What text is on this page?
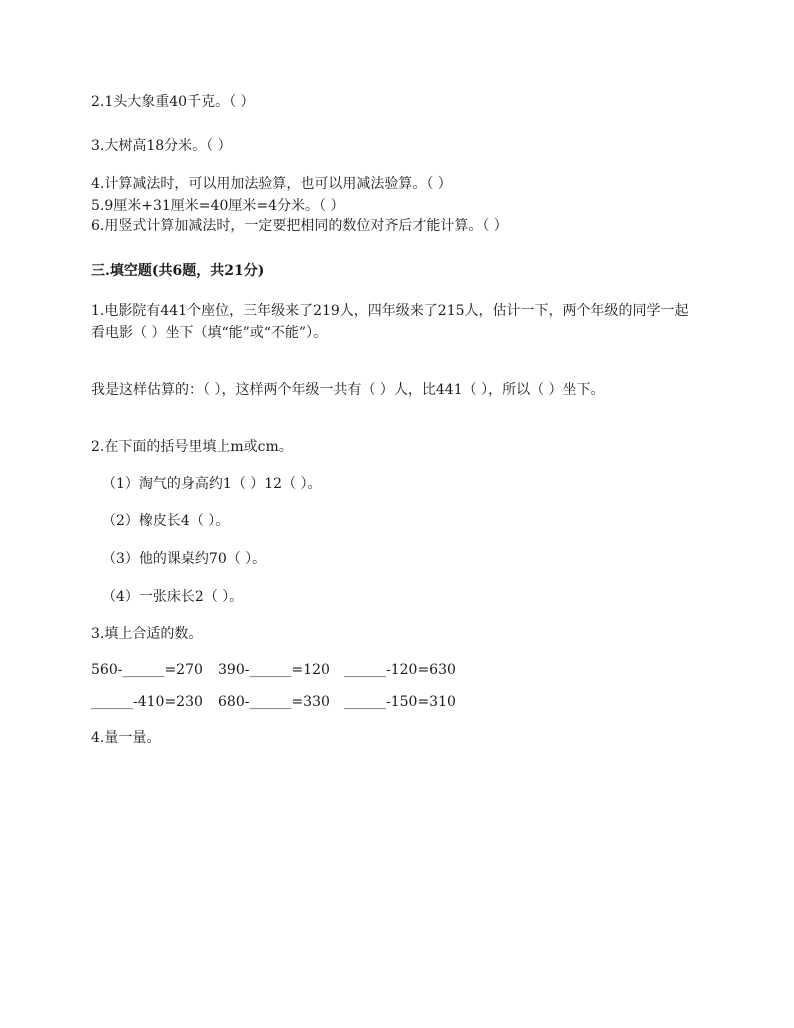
2.1头大象重40千克。（ ）
3.大树高18分米。（ ）
4.计算减法时，可以用加法验算，也可以用减法验算。（ ）
5.9厘米+31厘米=40厘米=4分米。（ ）
6.用竖式计算加减法时，一定要把相同的数位对齐后才能计算。（ ）
三.填空题(共6题，共21分)
1.电影院有441个座位，三年级来了219人，四年级来了215人，估计一下，两个年级的同学一起看电影（ ）坐下（填“能”或“不能”）。
我是这样估算的：（ ），这样两个年级一共有（ ）人，比441（ ），所以（ ）坐下。
2.在下面的括号里填上m或cm。
（1）淘气的身高约1（ ）12（ ）。
（2）橡皮长4（ ）。
（3）他的课桌约70（ ）。
（4）一张床长2（ ）。
3.填上合适的数。
560-______=270 390-______=120 ______-120=630
______-410=230 680-______=330 ______-150=310
4.量一量。
